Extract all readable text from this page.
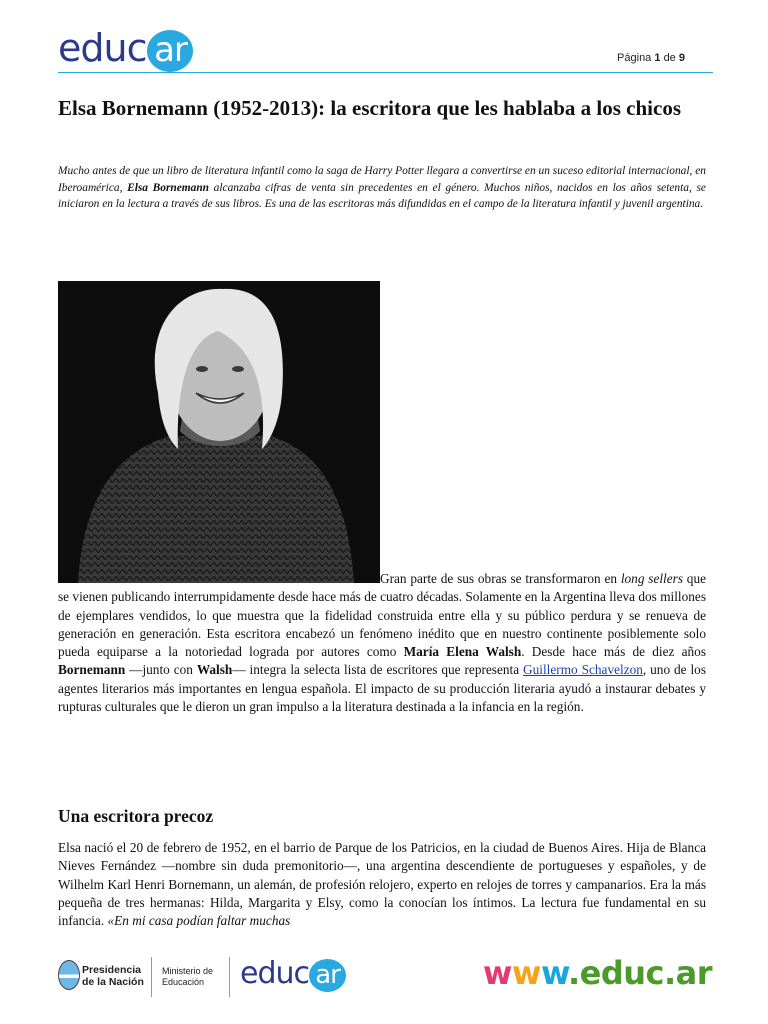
educ ar	Página 1 de 9
Elsa Bornemann (1952-2013): la escritora que les hablaba a los chicos

Mucho antes de que un libro de literatura infantil como la saga de Harry Potter llegara a convertirse en un suceso editorial internacional, en Iberoamérica, Elsa Bornemann alcanzaba cifras de venta sin precedentes en el género. Muchos niños, nacidos en los años setenta, se iniciaron en la lectura a través de sus libros. Es una de las escritoras más difundidas en el campo de la literatura infantil y juvenil argentina.

Gran parte de sus obras se transformaron en long sellers que se vienen publicando interrumpidamente desde hace más de cuatro décadas. Solamente en la Argentina lleva dos millones de ejemplares vendidos, lo que muestra que la fidelidad construida entre ella y su público perdura y se renueva de generación en generación. Esta escritora encabezó un fenómeno inédito que en nuestro continente posiblemente solo pueda equiparse a la notoriedad lograda por autores como María Elena Walsh. Desde hace más de diez años Bornemann —junto con Walsh— integra la selecta lista de escritores que representa Guillermo Schavelzon, uno de los agentes literarios más importantes en lengua española. El impacto de su producción literaria ayudó a instaurar debates y rupturas culturales que le dieron un gran impulso a la literatura destinada a la infancia en la región.

Una escritora precoz

Elsa nació el 20 de febrero de 1952, en el barrio de Parque de los Patricios, en la ciudad de Buenos Aires. Hija de Blanca Nieves Fernández —nombre sin duda premonitorio—, una argentina descendiente de portugueses y españoles, y de Wilhelm Karl Henri Bornemann, un alemán, de profesión relojero, experto en relojes de torres y campanarios. Era la más pequeña de tres hermanas: Hilda, Margarita y Elsy, como la conocían los íntimos. La lectura fue fundamental en su infancia. «En mi casa podían faltar muchas

Presidencia
de la Nación
Ministerio de
Educación	educ ar	www.educ.ar
